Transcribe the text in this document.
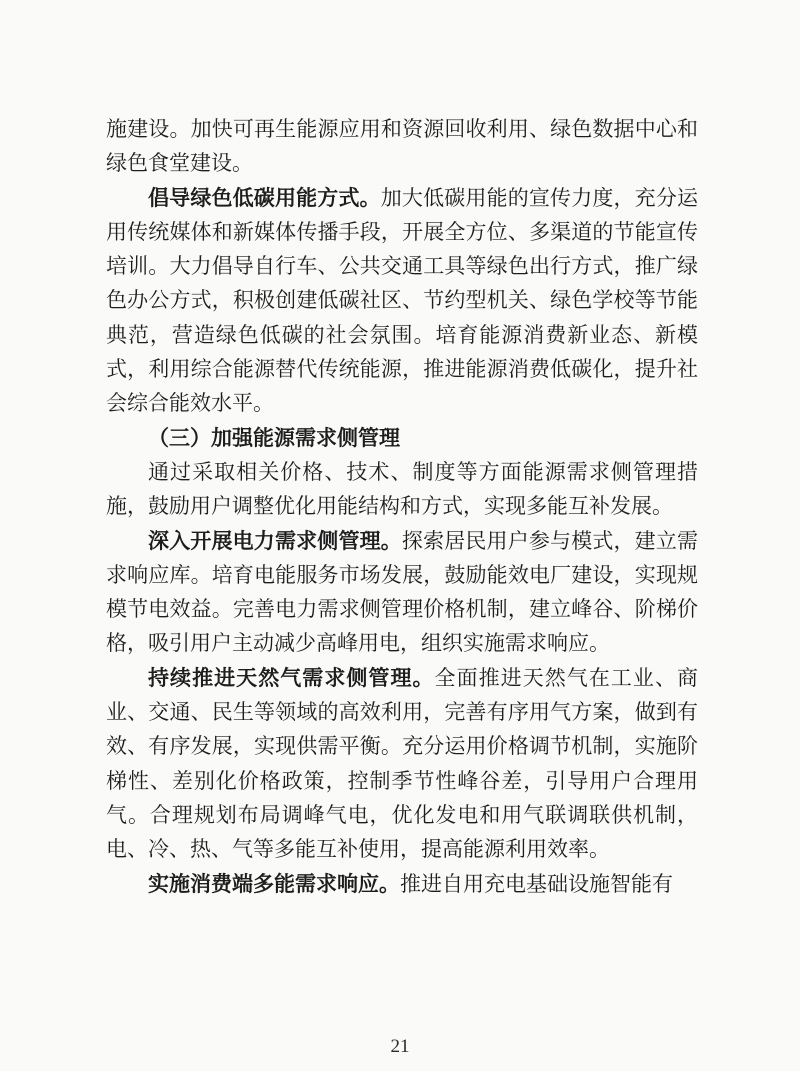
施建设。加快可再生能源应用和资源回收利用、绿色数据中心和绿色食堂建设。

倡导绿色低碳用能方式。加大低碳用能的宣传力度，充分运用传统媒体和新媒体传播手段，开展全方位、多渠道的节能宣传培训。大力倡导自行车、公共交通工具等绿色出行方式，推广绿色办公方式，积极创建低碳社区、节约型机关、绿色学校等节能典范，营造绿色低碳的社会氛围。培育能源消费新业态、新模式，利用综合能源替代传统能源，推进能源消费低碳化，提升社会综合能效水平。

（三）加强能源需求侧管理

通过采取相关价格、技术、制度等方面能源需求侧管理措施，鼓励用户调整优化用能结构和方式，实现多能互补发展。

深入开展电力需求侧管理。探索居民用户参与模式，建立需求响应库。培育电能服务市场发展，鼓励能效电厂建设，实现规模节电效益。完善电力需求侧管理价格机制，建立峰谷、阶梯价格，吸引用户主动减少高峰用电，组织实施需求响应。

持续推进天然气需求侧管理。全面推进天然气在工业、商业、交通、民生等领域的高效利用，完善有序用气方案，做到有效、有序发展，实现供需平衡。充分运用价格调节机制，实施阶梯性、差别化价格政策，控制季节性峰谷差，引导用户合理用气。合理规划布局调峰气电，优化发电和用气联调联供机制，电、冷、热、气等多能互补使用，提高能源利用效率。

实施消费端多能需求响应。推进自用充电基础设施智能有

21
